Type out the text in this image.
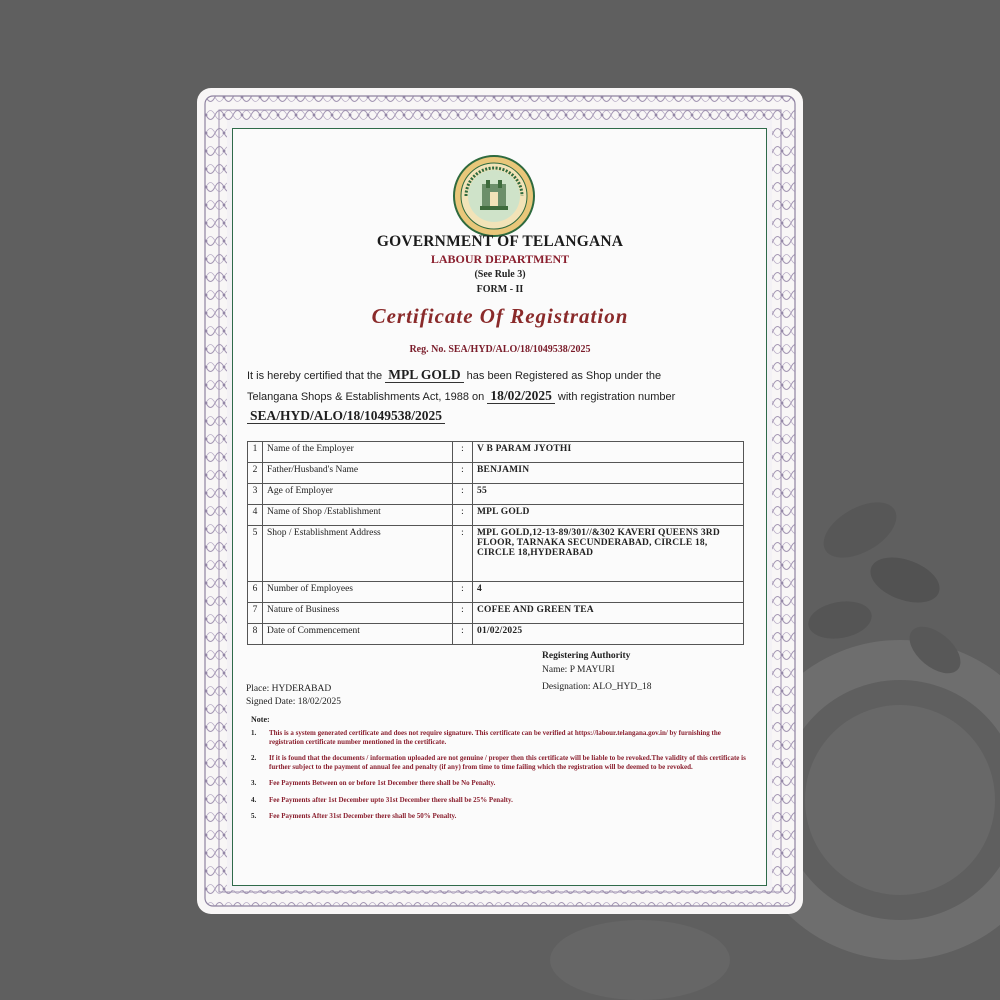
GOVERNMENT OF TELANGANA
LABOUR DEPARTMENT
(See Rule 3)
FORM - II
Certificate Of Registration
Reg. No. SEA/HYD/ALO/18/1049538/2025
It is hereby certified that the MPL GOLD has been Registered as Shop under the
Telangana Shops & Establishments Act, 1988 on 18/02/2025 with registration number
SEA/HYD/ALO/18/1049538/2025
1	Name of the Employer	:	V B PARAM JYOTHI
2	Father/Husband's Name	:	BENJAMIN
3	Age of Employer	:	55
4	Name of Shop /Establishment	:	MPL GOLD
5	Shop / Establishment Address	:	MPL GOLD,12-13-89/301//&302 KAVERI QUEENS 3RD FLOOR, TARNAKA SECUNDERABAD, CIRCLE 18, CIRCLE 18,HYDERABAD
6	Number of Employees	:	4
7	Nature of Business	:	COFEE AND GREEN TEA
8	Date of Commencement	:	01/02/2025
Registering Authority
Name: P MAYURI
Designation: ALO_HYD_18
Place: HYDERABAD
Signed Date: 18/02/2025
Note:
1. This is a system generated certificate and does not require signature. This certificate can be verified at https://labour.telangana.gov.in/ by furnishing the registration certificate number mentioned in the certificate.
2. If it is found that the documents / information uploaded are not genuine / proper then this certificate will be liable to be revoked.The validity of this certificate is further subject to the payment of annual fee and penalty (if any) from time to time failing which the registration will be deemed to be revoked.
3. Fee Payments Between on or before 1st December there shall be No Penalty.
4. Fee Payments after 1st December upto 31st December there shall be 25% Penalty.
5. Fee Payments After 31st December there shall be 50% Penalty.
